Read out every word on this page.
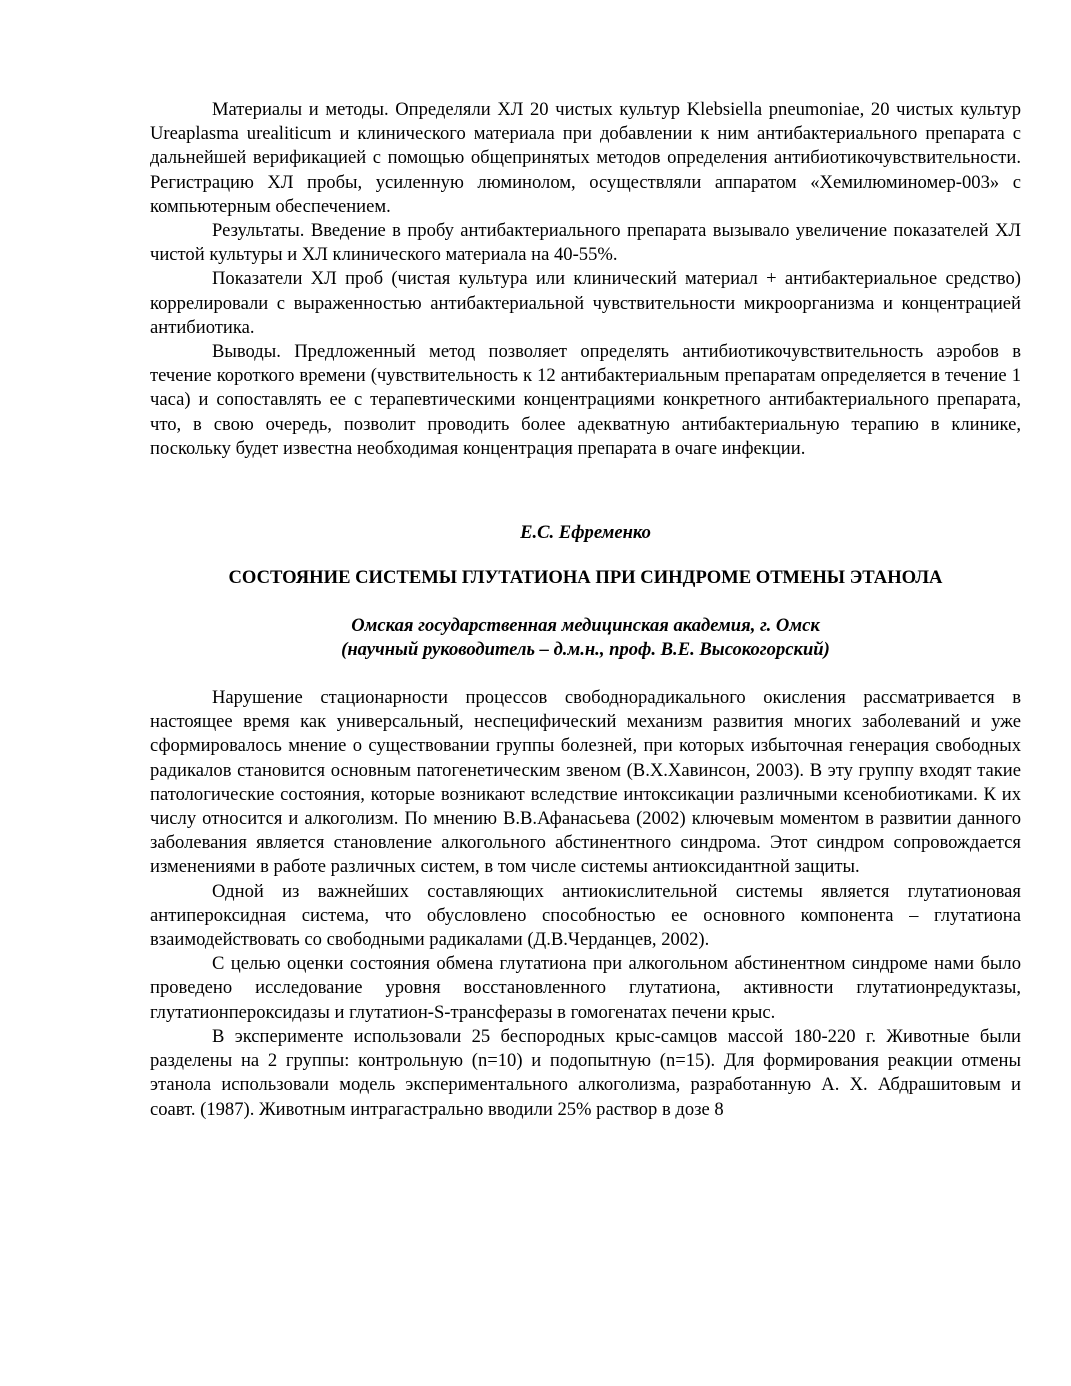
Материалы и методы. Определяли ХЛ 20 чистых культур Klebsiella pneumoniae, 20 чистых культур Ureaplasma urealiticum и клинического материала при добавлении к ним антибактериального препарата с дальнейшей верификацией с помощью общепринятых методов определения антибиотикочувствительности. Регистрацию ХЛ пробы, усиленную люминолом, осуществляли аппаратом «Хемилюминомер-003» с компьютерным обеспечением.

Результаты. Введение в пробу антибактериального препарата вызывало увеличение показателей ХЛ чистой культуры и ХЛ клинического материала на 40-55%.

Показатели ХЛ проб (чистая культура или клинический материал + антибактериальное средство) коррелировали с выраженностью антибактериальной чувствительности микроорганизма и концентрацией антибиотика.

Выводы. Предложенный метод позволяет определять антибиотикочувствительность аэробов в течение короткого времени (чувствительность к 12 антибактериальным препаратам определяется в течение 1 часа) и сопоставлять ее с терапевтическими концентрациями конкретного антибактериального препарата, что, в свою очередь, позволит проводить более адекватную антибактериальную терапию в клинике, поскольку будет известна необходимая концентрация препарата в очаге инфекции.

Е.С. Ефременко
СОСТОЯНИЕ СИСТЕМЫ ГЛУТАТИОНА ПРИ СИНДРОМЕ ОТМЕНЫ ЭТАНОЛА
Омская государственная медицинская академия, г. Омск
(научный руководитель – д.м.н., проф. В.Е. Высокогорский)

Нарушение стационарности процессов свободнорадикального окисления рассматривается в настоящее время как универсальный, неспецифический механизм развития многих заболеваний и уже сформировалось мнение о существовании группы болезней, при которых избыточная генерация свободных радикалов становится основным патогенетическим звеном (В.Х.Хавинсон, 2003). В эту группу входят такие патологические состояния, которые возникают вследствие интоксикации различными ксенобиотиками. К их числу относится и алкоголизм. По мнению В.В.Афанасьева (2002) ключевым моментом в развитии данного заболевания является становление алкогольного абстинентного синдрома. Этот синдром сопровождается изменениями в работе различных систем, в том числе системы антиоксидантной защиты.

Одной из важнейших составляющих антиокислительной системы является глутатионовая антипероксидная система, что обусловлено способностью ее основного компонента – глутатиона взаимодействовать со свободными радикалами (Д.В.Черданцев, 2002).

С целью оценки состояния обмена глутатиона при алкогольном абстинентном синдроме нами было проведено исследование уровня восстановленного глутатиона, активности глутатионредуктазы, глутатионпероксидазы и глутатион-S-трансферазы в гомогенатах печени крыс.

В эксперименте использовали 25 беспородных крыс-самцов массой 180-220 г. Животные были разделены на 2 группы: контрольную (n=10) и подопытную (n=15). Для формирования реакции отмены этанола использовали модель экспериментального алкоголизма, разработанную А. Х. Абдрашитовым и соавт. (1987). Животным интрагастрально вводили 25% раствор в дозе 8
